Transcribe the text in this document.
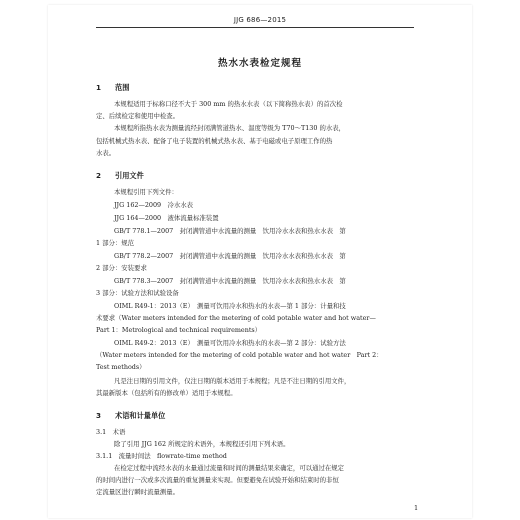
JJG 686—2015
热水水表检定规程
1 范围
本规程适用于标称口径不大于 300 mm 的热水水表（以下简称热水表）的首次检
定、后续检定和使用中检查。
本规程所指热水表为测量流经封闭满管道热水、温度等级为 T70～T130 的水表，
包括机械式热水表、配备了电子装置的机械式热水表、基于电磁或电子原理工作的热
水表。
2 引用文件
本规程引用下列文件：
JJG 162—2009　冷水水表
JJG 164—2000　液体流量标准装置
GB/T 778.1—2007　封闭满管道中水流量的测量　饮用冷水水表和热水水表　第
1 部分：规范
GB/T 778.2—2007　封闭满管道中水流量的测量　饮用冷水水表和热水水表　第
2 部分：安装要求
GB/T 778.3—2007　封闭满管道中水流量的测量　饮用冷水水表和热水水表　第
3 部分：试验方法和试验设备
OIML R49-1：2013（E）　测量可饮用冷水和热水的水表—第 1 部分：计量和技
术要求（Water meters intended for the metering of cold potable water and hot water—
Part 1：Metrological and technical requirements）
OIML R49-2：2013（E）　测量可饮用冷水和热水的水表—第 2 部分：试验方法
（Water meters intended for the metering of cold potable water and hot water　Part 2：
Test methods）
凡是注日期的引用文件，仅注日期的版本适用于本规程；凡是不注日期的引用文件，
其最新版本（包括所有的修改单）适用于本规程。
3 术语和计量单位
3.1　术语
除了引用 JJG 162 所规定的术语外，本规程还引用下列术语。
3.1.1　流量时间法　flowrate-time method
在检定过程中流经水表的水量通过流量和时间的测量结果来确定，可以通过在规定
的时间内进行一次或多次流量的重复测量来实现。但要避免在试验开始和结束时的非恒
定流量区进行瞬时流量测量。
1
